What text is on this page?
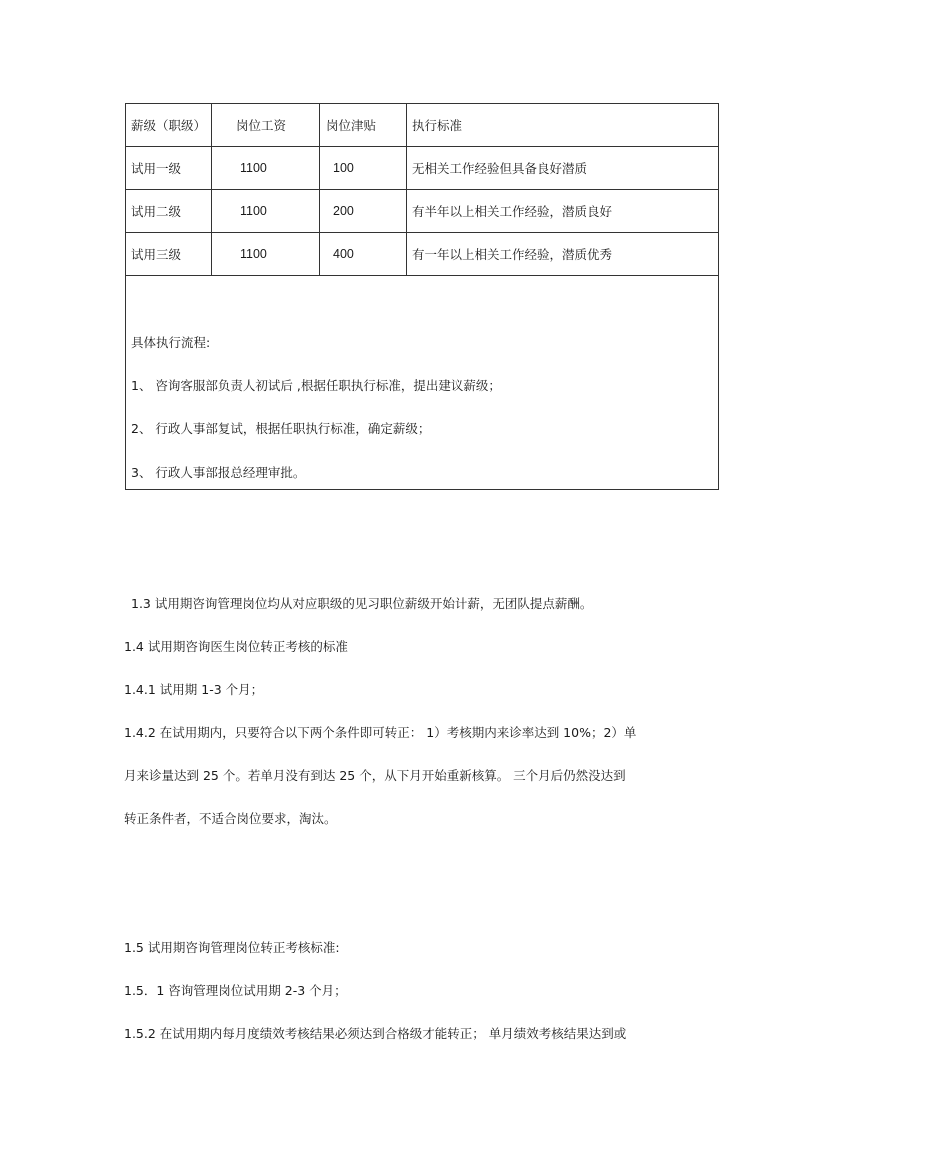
薪级（职级）	岗位工资	岗位津贴	执行标准
试用一级	1100	100	无相关工作经验但具备良好潜质
试用二级	1100	200	有半年以上相关工作经验，潜质良好
试用三级	1100	400	有一年以上相关工作经验，潜质优秀

具体执行流程:
1、 咨询客服部负责人初试后 ,根据任职执行标准，提出建议薪级；
2、 行政人事部复试，根据任职执行标准，确定薪级；
3、 行政人事部报总经理审批。			
1.3 试用期咨询管理岗位均从对应职级的见习职位薪级开始计薪，无团队提点薪酬。
1.4 试用期咨询医生岗位转正考核的标准
1.4.1 试用期 1-3 个月；
1.4.2 在试用期内，只要符合以下两个条件即可转正： 1）考核期内来诊率达到 10%；2）单
月来诊量达到 25 个。若单月没有到达 25 个，从下月开始重新核算。 三个月后仍然没达到
转正条件者，不适合岗位要求，淘汰。
1.5 试用期咨询管理岗位转正考核标准:
1.5．1 咨询管理岗位试用期 2-3 个月；
1.5.2 在试用期内每月度绩效考核结果必须达到合格级才能转正； 单月绩效考核结果达到或
